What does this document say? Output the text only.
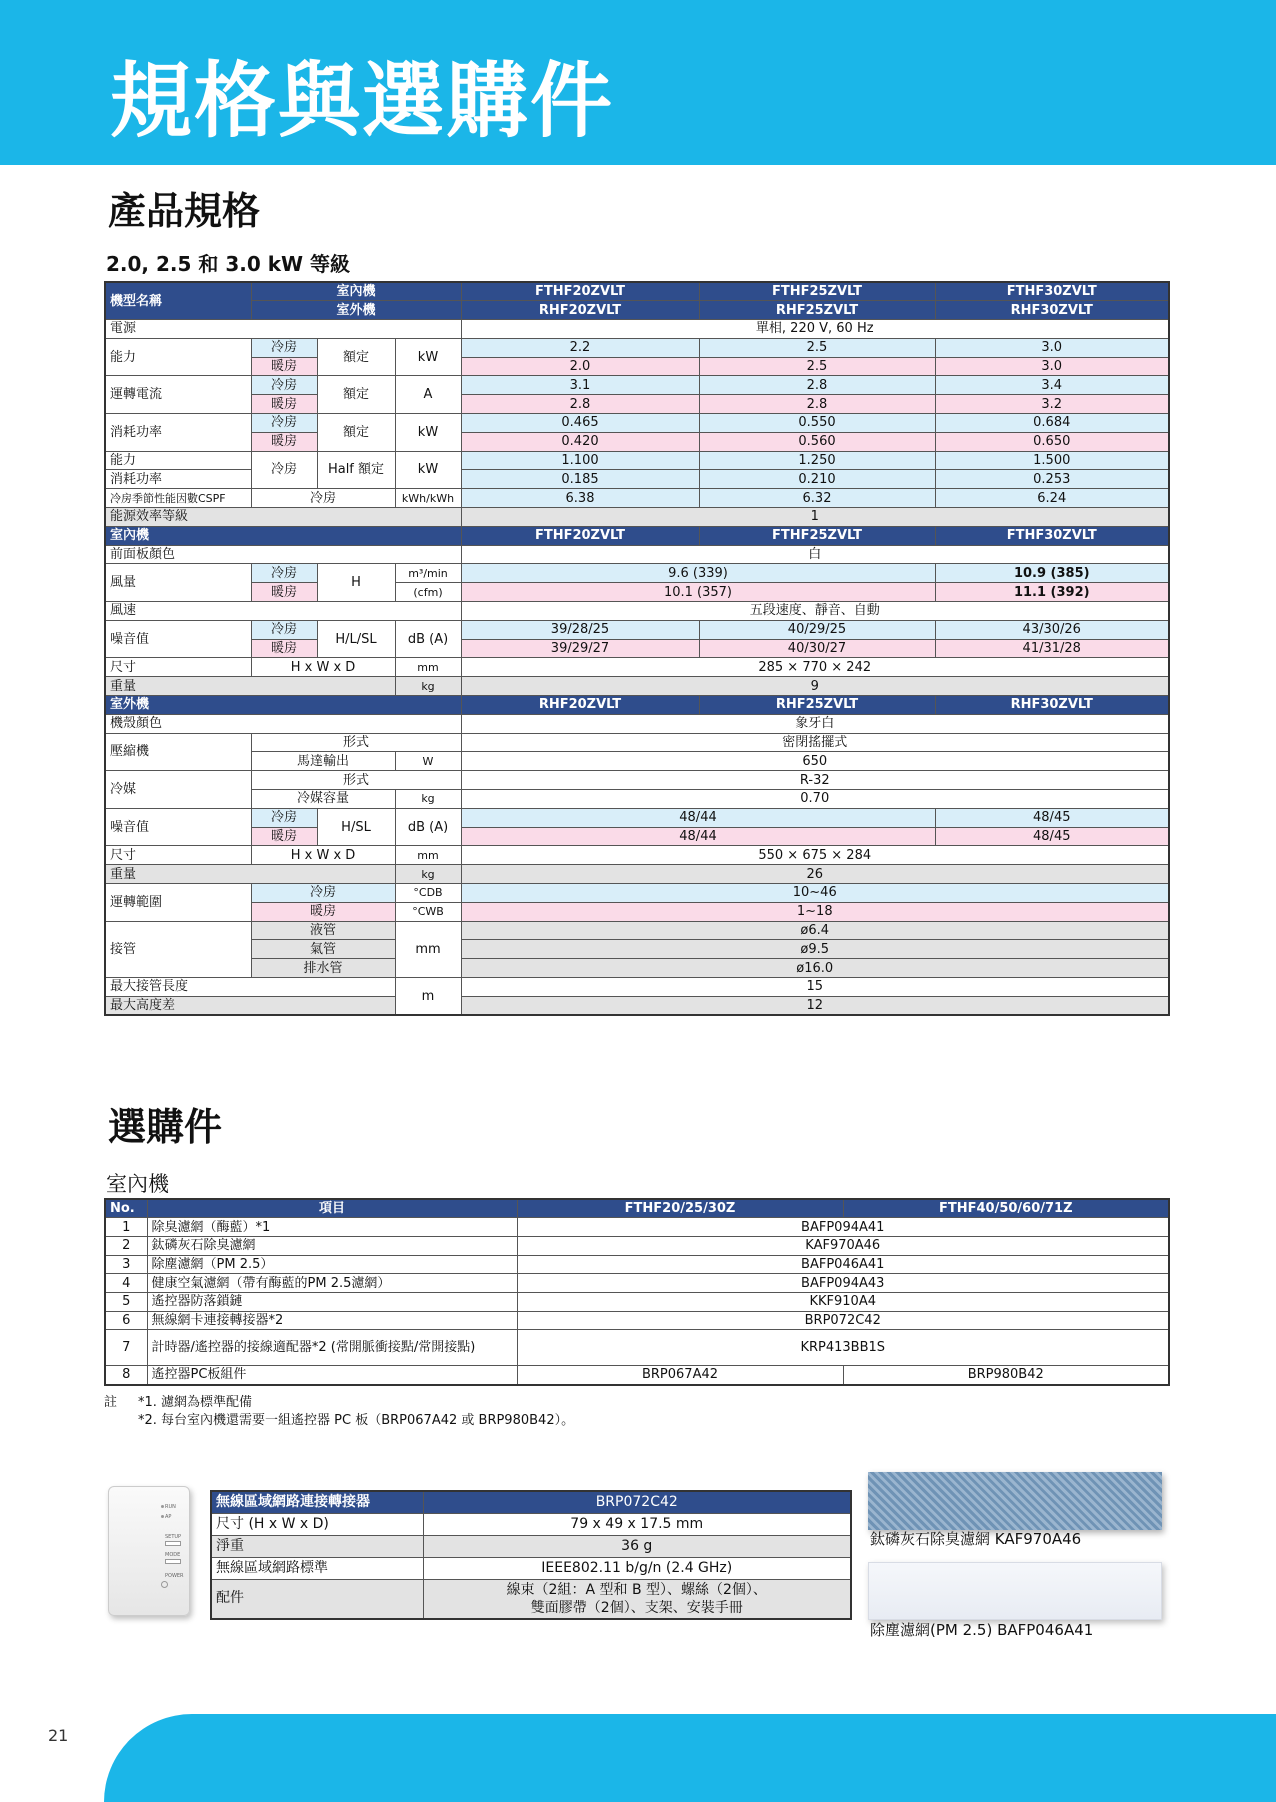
規格與選購件
產品規格
2.0, 2.5 和 3.0 kW 等級
機型名稱	室內機			FTHF20ZVLT	FTHF25ZVLT	FTHF30ZVLT
	室外機			RHF20ZVLT	RHF25ZVLT	RHF30ZVLT
電源				單相, 220 V, 60 Hz		
能力	冷房	額定	kW	2.2	2.5	3.0
	暖房			2.0	2.5	3.0
運轉電流	冷房	額定	A	3.1	2.8	3.4
	暖房			2.8	2.8	3.2
消耗功率	冷房	額定	kW	0.465	0.550	0.684
	暖房			0.420	0.560	0.650
能力	冷房	Half 額定	kW	1.100	1.250	1.500
消耗功率				0.185	0.210	0.253
冷房季節性能因數CSPF	冷房		kWh/kWh	6.38	6.32	6.24
能源效率等級				1		
室內機				FTHF20ZVLT	FTHF25ZVLT	FTHF30ZVLT
前面板顏色				白		
風量	冷房	H	m³/min	9.6 (339)		10.9 (385)
	暖房		(cfm)	10.1 (357)		11.1 (392)
風速				五段速度、靜音、自動		
噪音值	冷房	H/L/SL	dB (A)	39/28/25	40/29/25	43/30/26
	暖房			39/29/27	40/30/27	41/31/28
尺寸	H x W x D		mm	285 × 770 × 242		
重量			kg	9		
室外機				RHF20ZVLT	RHF25ZVLT	RHF30ZVLT
機殼顏色				象牙白		
壓縮機	形式			密閉搖擺式		
	馬達輸出		W	650		
冷媒	形式			R-32		
	冷媒容量		kg	0.70		
噪音值	冷房	H/SL	dB (A)	48/44		48/45
	暖房			48/44		48/45
尺寸	H x W x D		mm	550 × 675 × 284		
重量			kg	26		
運轉範圍	冷房		°CDB	10~46		
	暖房		°CWB	1~18		
接管	液管		mm	ø6.4		
	氣管			ø9.5		
	排水管			ø16.0		
最大接管長度			m	15		
最大高度差				12		
選購件
室內機
No.	項目	FTHF20/25/30Z	FTHF40/50/60/71Z
1	除臭濾網（酶藍）*1	BAFP094A41	
2	鈦磷灰石除臭濾網	KAF970A46	
3	除塵濾網（PM 2.5）	BAFP046A41	
4	健康空氣濾網（帶有酶藍的PM 2.5濾網）	BAFP094A43	
5	遙控器防落鎖鏈	KKF910A4	
6	無線網卡連接轉接器*2	BRP072C42	
7	計時器/遙控器的接線適配器*2 (常開脈衝接點/常開接點)	KRP413BB1S	
8	遙控器PC板組件	BRP067A42	BRP980B42
註	*1. 濾網為標準配備
*2. 每台室內機還需要一組遙控器 PC 板（BRP067A42 或 BRP980B42）。
RUN
AP
SETUP
MODE
POWER
無線區域網路連接轉接器	BRP072C42
尺寸 (H x W x D)	79 x 49 x 17.5 mm
淨重	36 g
無線區域網路標準	IEEE802.11 b/g/n (2.4 GHz)
配件	線束（2組：A 型和 B 型）、螺絲（2個）、
雙面膠帶（2個）、支架、安裝手冊
鈦磷灰石除臭濾網 KAF970A46
除塵濾網(PM 2.5) BAFP046A41
21
